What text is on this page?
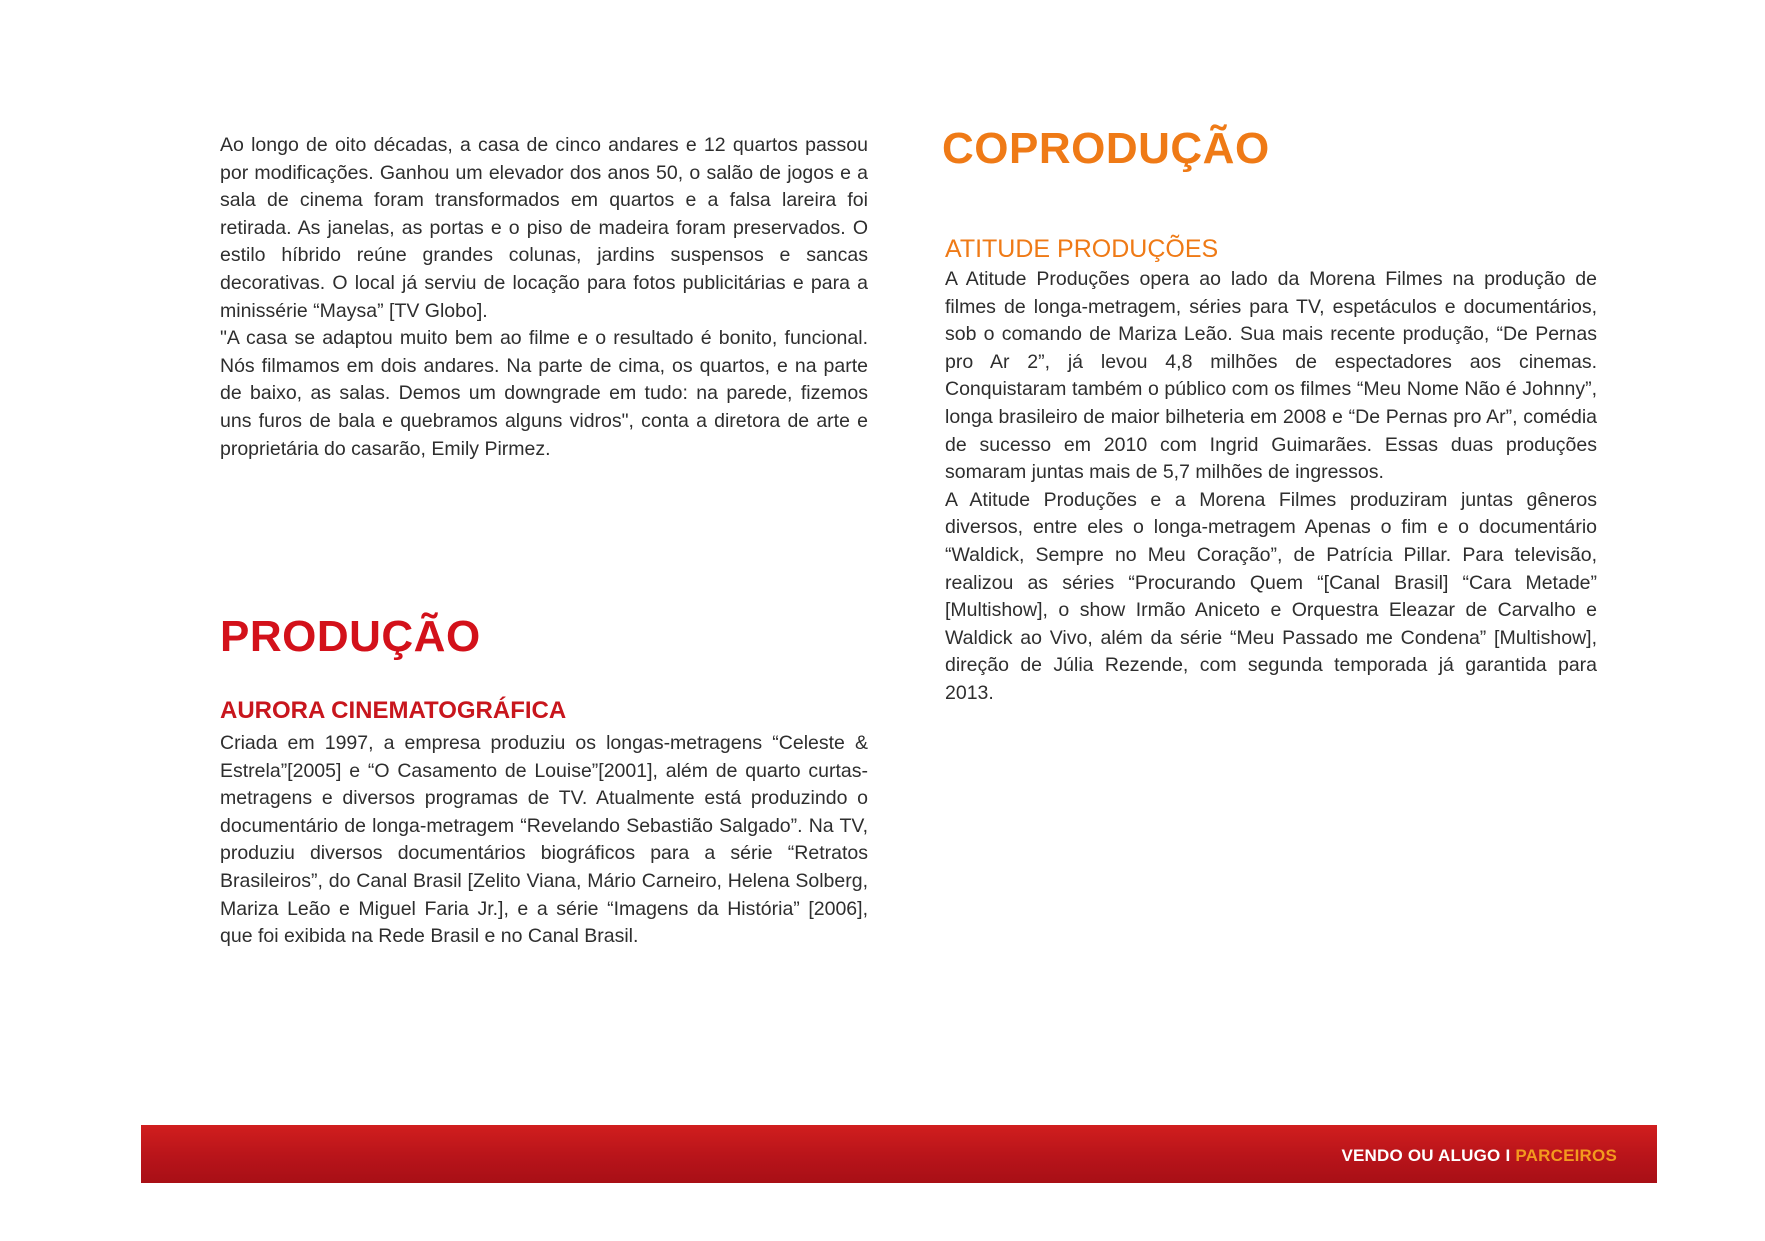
Ao longo de oito décadas, a casa de cinco andares e 12 quartos passou por modificações. Ganhou um elevador dos anos 50, o salão de jogos e a sala de cinema foram transformados em quartos e a falsa lareira foi retirada. As janelas, as portas e o piso de madeira foram preservados. O estilo híbrido reúne grandes colunas, jardins suspensos e sancas decorativas. O local já serviu de locação para fotos publicitárias e para a minissérie “Maysa” [TV Globo].

"A casa se adaptou muito bem ao filme e o resultado é bonito, funcional. Nós filmamos em dois andares. Na parte de cima, os quartos, e na parte de baixo, as salas. Demos um downgrade em tudo: na parede, fizemos uns furos de bala e quebramos alguns vidros", conta a diretora de arte e proprietária do casarão, Emily Pirmez.

PRODUÇÃO
AURORA CINEMATOGRÁFICA

Criada em 1997, a empresa produziu os longas-metragens “Celeste & Estrela”[2005] e “O Casamento de Louise”[2001], além de quarto curtas-metragens e diversos programas de TV. Atualmente está produzindo o documentário de longa-metragem “Revelando Sebastião Salgado”. Na TV, produziu diversos documentários biográficos para a série “Retratos Brasileiros”, do Canal Brasil [Zelito Viana, Mário Carneiro, Helena Solberg, Mariza Leão e Miguel Faria Jr.], e a série “Imagens da História” [2006], que foi exibida na Rede Brasil e no Canal Brasil.

COPRODUÇÃO
ATITUDE PRODUÇÕES

A Atitude Produções opera ao lado da Morena Filmes na produção de filmes de longa-metragem, séries para TV, espetáculos e documentários, sob o comando de Mariza Leão. Sua mais recente produção, “De Pernas pro Ar 2”, já levou 4,8 milhões de espectadores aos cinemas. Conquistaram também o público com os filmes “Meu Nome Não é Johnny”, longa brasileiro de maior bilheteria em 2008 e “De Pernas pro Ar”, comédia de sucesso em 2010 com Ingrid Guimarães. Essas duas produções somaram juntas mais de 5,7 milhões de ingressos.

A Atitude Produções e a Morena Filmes produziram juntas gêneros diversos, entre eles o longa-metragem Apenas o fim e o documentário “Waldick, Sempre no Meu Coração”, de Patrícia Pillar. Para televisão, realizou as séries “Procurando Quem “[Canal Brasil] “Cara Metade” [Multishow], o show Irmão Aniceto e Orquestra Eleazar de Carvalho e Waldick ao Vivo, além da série “Meu Passado me Condena” [Multishow], direção de Júlia Rezende, com segunda temporada já garantida para 2013.

VENDO OU ALUGO I PARCEIROS
